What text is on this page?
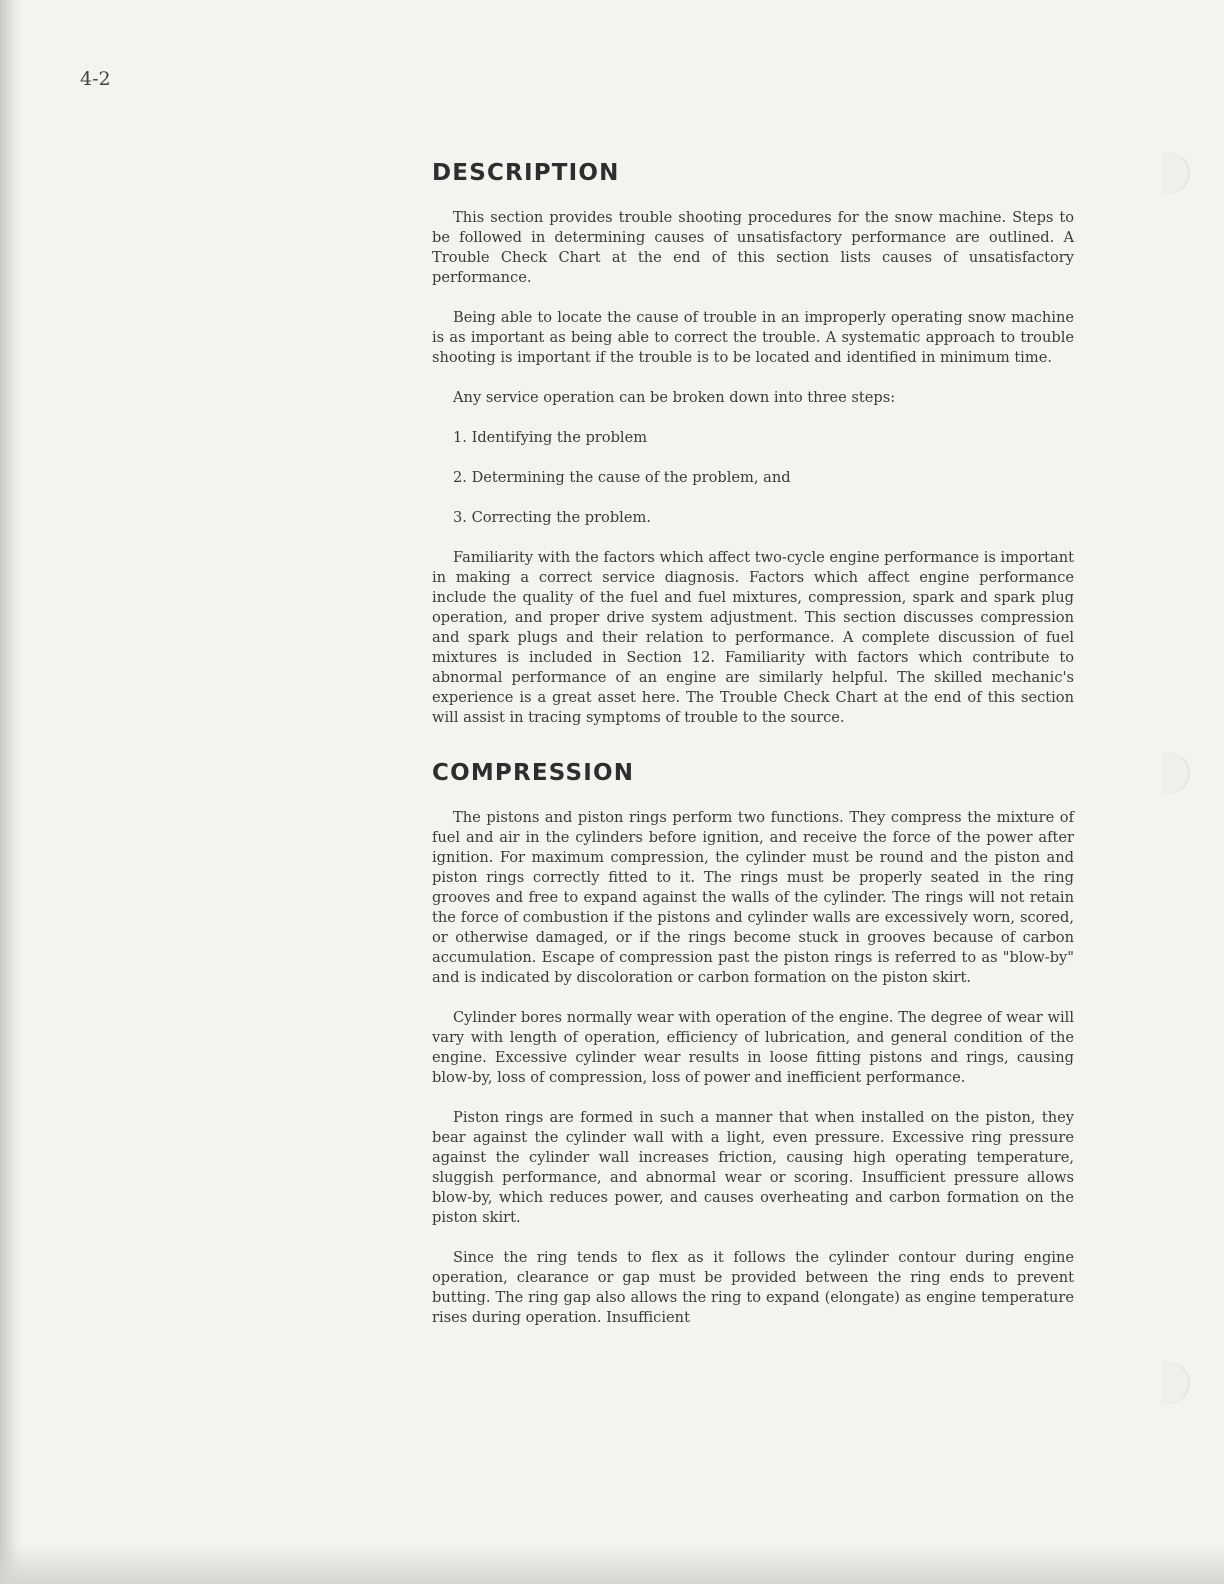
4-2
DESCRIPTION

This section provides trouble shooting procedures for the snow machine. Steps to be followed in determining causes of unsatisfactory performance are outlined. A Trouble Check Chart at the end of this section lists causes of unsatisfactory performance.

Being able to locate the cause of trouble in an improperly operating snow machine is as important as being able to correct the trouble. A systematic approach to trouble shooting is important if the trouble is to be located and identified in minimum time.

Any service operation can be broken down into three steps:

1. Identifying the problem
2. Determining the cause of the problem, and
3. Correcting the problem.

Familiarity with the factors which affect two-cycle engine performance is important in making a correct service diagnosis. Factors which affect engine performance include the quality of the fuel and fuel mixtures, compression, spark and spark plug operation, and proper drive system adjustment. This section discusses compression and spark plugs and their relation to performance. A complete discussion of fuel mixtures is included in Section 12. Familiarity with factors which contribute to abnormal performance of an engine are similarly helpful. The skilled mechanic's experience is a great asset here. The Trouble Check Chart at the end of this section will assist in tracing symptoms of trouble to the source.

COMPRESSION

The pistons and piston rings perform two functions. They compress the mixture of fuel and air in the cylinders before ignition, and receive the force of the power after ignition. For maximum compression, the cylinder must be round and the piston and piston rings correctly fitted to it. The rings must be properly seated in the ring grooves and free to expand against the walls of the cylinder. The rings will not retain the force of combustion if the pistons and cylinder walls are excessively worn, scored, or otherwise damaged, or if the rings become stuck in grooves because of carbon accumulation. Escape of compression past the piston rings is referred to as "blow-by" and is indicated by discoloration or carbon formation on the piston skirt.

Cylinder bores normally wear with operation of the engine. The degree of wear will vary with length of operation, efficiency of lubrication, and general condition of the engine. Excessive cylinder wear results in loose fitting pistons and rings, causing blow-by, loss of compression, loss of power and inefficient performance.

Piston rings are formed in such a manner that when installed on the piston, they bear against the cylinder wall with a light, even pressure. Excessive ring pressure against the cylinder wall increases friction, causing high operating temperature, sluggish performance, and abnormal wear or scoring. Insufficient pressure allows blow-by, which reduces power, and causes overheating and carbon formation on the piston skirt.

Since the ring tends to flex as it follows the cylinder contour during engine operation, clearance or gap must be provided between the ring ends to prevent butting. The ring gap also allows the ring to expand (elongate) as engine temperature rises during operation. Insufficient
